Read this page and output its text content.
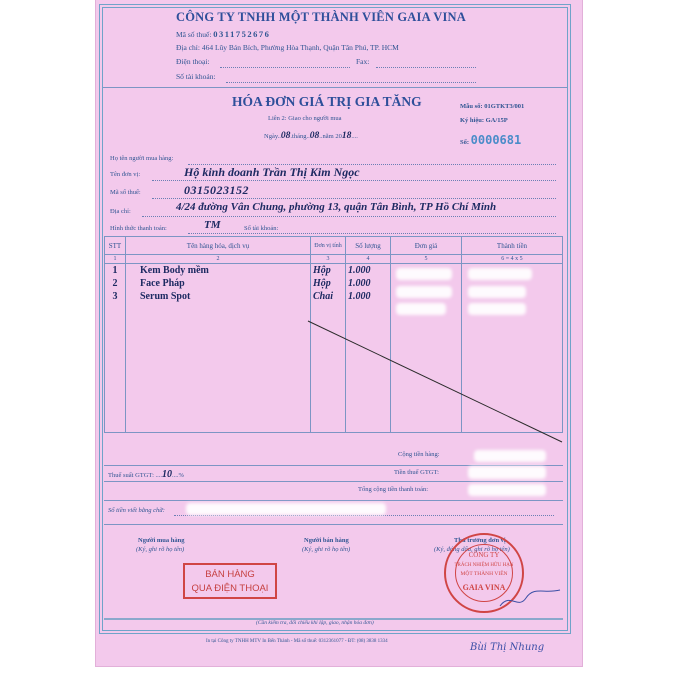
CÔNG TY TNHH MỘT THÀNH VIÊN GAIA VINA
Mã số thuế: 0311752676
Địa chỉ: 464 Lũy Bán Bích, Phường Hòa Thạnh, Quận Tân Phú, TP. HCM
Điện thoại:	Fax:
Số tài khoản:
HÓA ĐƠN GIÁ TRỊ GIA TĂNG
Liên 2: Giao cho người mua
Ngày..08.tháng..08..năm 2018....
Mẫu số: 01GTKT3/001
Ký hiệu: GA/15P
Số: 0000681
Họ tên người mua hàng:
Tên đơn vị:	Hộ kinh doanh Trần Thị Kim Ngọc
Mã số thuế:	0315023152
Địa chỉ:	4/24 đường Vân Chung, phường 13, quận Tân Bình, TP Hồ Chí Minh
Hình thức thanh toán:	TM	Số tài khoản:
STT	Tên hàng hóa, dịch vụ	Đơn vị tính	Số lượng	Đơn giá	Thành tiền
1	2	3	4	5	6 = 4 x 5
1	Kem Body mềm	Hộp	1.000		
2	Face Pháp	Hộp	1.000		
3	Serum Spot	Chai	1.000		

Cộng tiền hàng:
Thuế suất GTGT: ....10....%	Tiền thuế GTGT:
Tổng cộng tiền thanh toán:
Số tiền viết bằng chữ:
Người mua hàng
(Ký, ghi rõ họ tên)
Người bán hàng
(Ký, ghi rõ họ tên)
Thủ trưởng đơn vị
(Ký, đóng dấu, ghi rõ họ tên)
BÁN HÀNG
QUA ĐIỆN THOẠI
CÔNG TY
TRÁCH NHIỆM HỮU HẠN
MỘT THÀNH VIÊN
GAIA VINA
(Cần kiểm tra, đối chiếu khi lập, giao, nhận hóa đơn)
In tại Công ty TNHH MTV In Bến Thành - Mã số thuế: 0312361077 - ĐT: (08) 3838 1334
Bùi Thị Nhung
